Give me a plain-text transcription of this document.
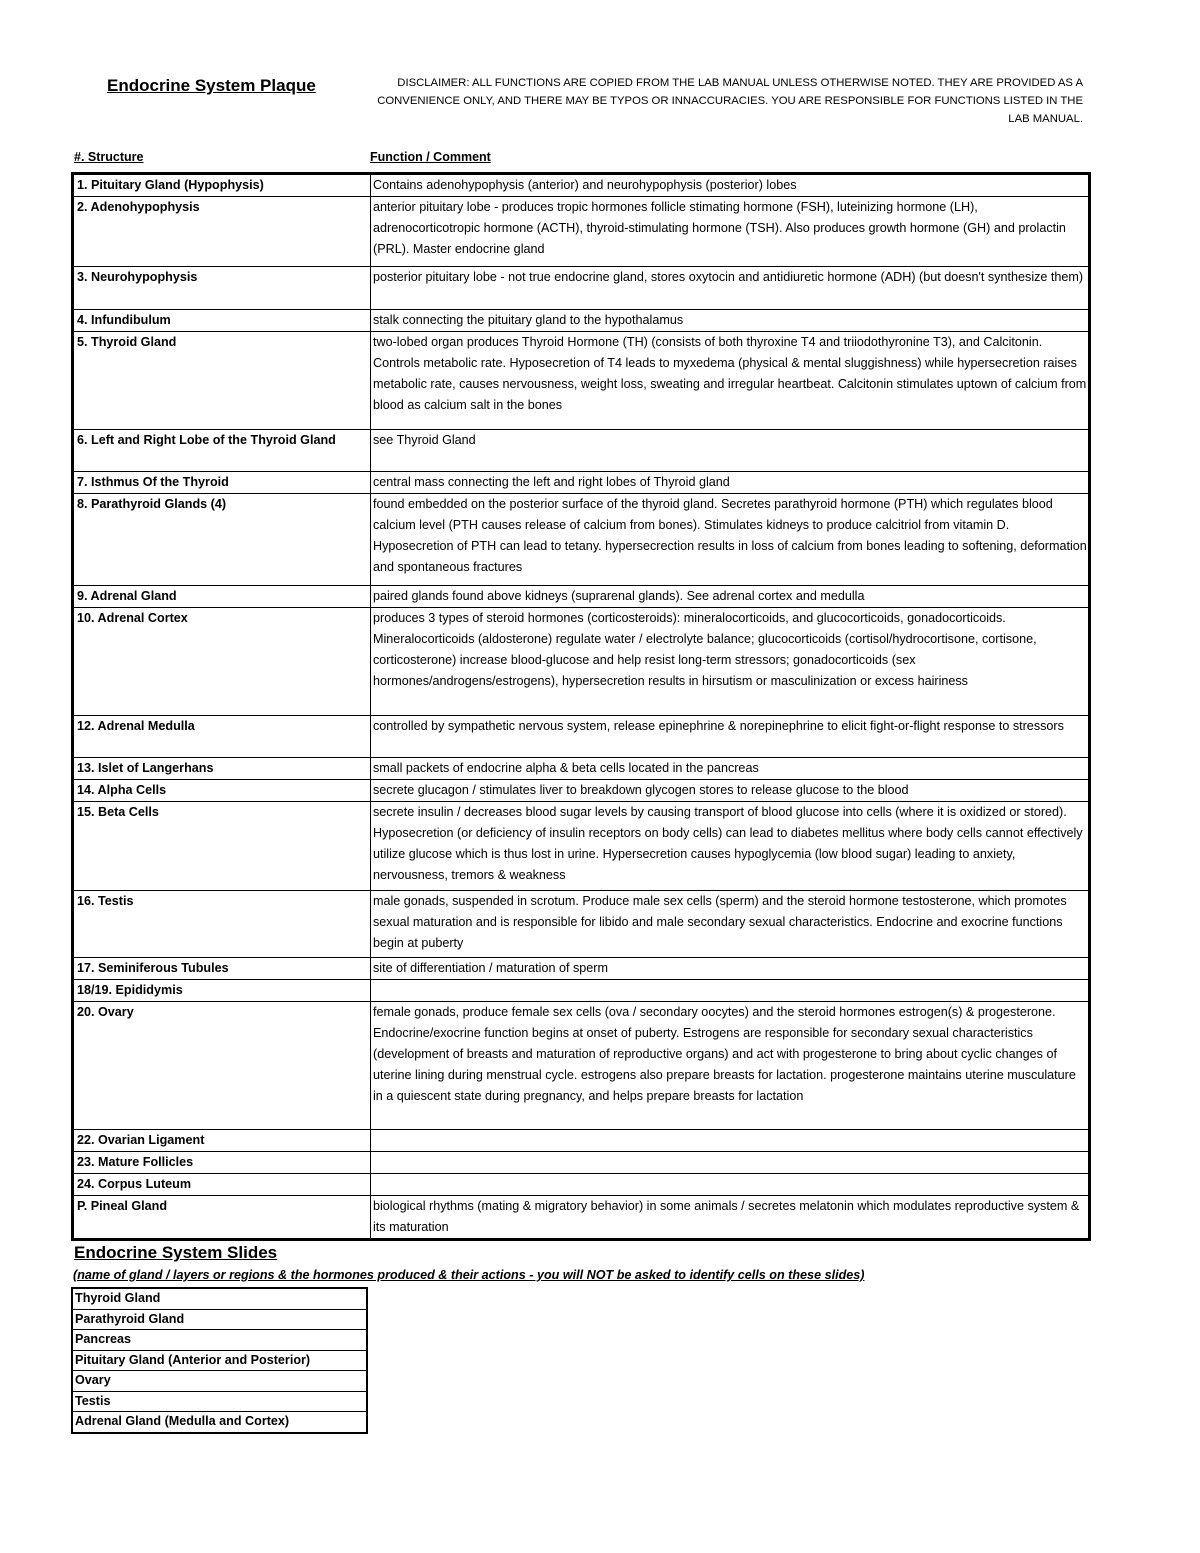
Endocrine System Plaque	DISCLAIMER: ALL FUNCTIONS ARE COPIED FROM THE LAB MANUAL UNLESS OTHERWISE NOTED. THEY ARE PROVIDED AS A CONVENIENCE ONLY, AND THERE MAY BE TYPOS OR INNACCURACIES. YOU ARE RESPONSIBLE FOR FUNCTIONS LISTED IN THE LAB MANUAL.
#. Structure	Function / Comment
1. Pituitary Gland (Hypophysis)	Contains adenohypophysis (anterior) and neurohypophysis (posterior) lobes
2. Adenohypophysis	anterior pituitary lobe - produces tropic hormones follicle stimating hormone (FSH), luteinizing hormone (LH), adrenocorticotropic hormone (ACTH), thyroid-stimulating hormone (TSH). Also produces growth hormone (GH) and prolactin (PRL). Master endocrine gland
3. Neurohypophysis	posterior pituitary lobe - not true endocrine gland, stores oxytocin and antidiuretic hormone (ADH) (but doesn't synthesize them)
4. Infundibulum	stalk connecting the pituitary gland to the hypothalamus
5. Thyroid Gland	two-lobed organ produces Thyroid Hormone (TH) (consists of both thyroxine T4 and triiodothyronine T3), and Calcitonin. Controls metabolic rate. Hyposecretion of T4 leads to myxedema (physical & mental sluggishness) while hypersecretion raises metabolic rate, causes nervousness, weight loss, sweating and irregular heartbeat. Calcitonin stimulates uptown of calcium from blood as calcium salt in the bones
6. Left and Right Lobe of the Thyroid Gland	see Thyroid Gland
7. Isthmus Of the Thyroid	central mass connecting the left and right lobes of Thyroid gland
8. Parathyroid Glands (4)	found embedded on the posterior surface of the thyroid gland. Secretes parathyroid hormone (PTH) which regulates blood calcium level (PTH causes release of calcium from bones). Stimulates kidneys to produce calcitriol from vitamin D. Hyposecretion of PTH can lead to tetany. hypersecrection results in loss of calcium from bones leading to softening, deformation and spontaneous fractures
9. Adrenal Gland	paired glands found above kidneys (suprarenal glands). See adrenal cortex and medulla
10. Adrenal Cortex	produces 3 types of steroid hormones (corticosteroids): mineralocorticoids, and glucocorticoids, gonadocorticoids. Mineralocorticoids (aldosterone) regulate water / electrolyte balance; glucocorticoids (cortisol/hydrocortisone, cortisone, corticosterone) increase blood-glucose and help resist long-term stressors; gonadocorticoids (sex hormones/androgens/estrogens), hypersecretion results in hirsutism or masculinization or excess hairiness
12. Adrenal Medulla	controlled by sympathetic nervous system, release epinephrine & norepinephrine to elicit fight-or-flight response to stressors
13. Islet of Langerhans	small packets of endocrine alpha & beta cells located in the pancreas
14. Alpha Cells	secrete glucagon / stimulates liver to breakdown glycogen stores to release glucose to the blood
15. Beta Cells	secrete insulin / decreases blood sugar levels by causing transport of blood glucose into cells (where it is oxidized or stored). Hyposecretion (or deficiency of insulin receptors on body cells) can lead to diabetes mellitus where body cells cannot effectively utilize glucose which is thus lost in urine. Hypersecretion causes hypoglycemia (low blood sugar) leading to anxiety, nervousness, tremors & weakness
16. Testis	male gonads, suspended in scrotum. Produce male sex cells (sperm) and the steroid hormone testosterone, which promotes sexual maturation and is responsible for libido and male secondary sexual characteristics. Endocrine and exocrine functions begin at puberty
17. Seminiferous Tubules	site of differentiation / maturation of sperm
18/19. Epididymis	
20. Ovary	female gonads, produce female sex cells (ova / secondary oocytes) and the steroid hormones estrogen(s) & progesterone. Endocrine/exocrine function begins at onset of puberty. Estrogens are responsible for secondary sexual characteristics (development of breasts and maturation of reproductive organs) and act with progesterone to bring about cyclic changes of uterine lining during menstrual cycle. estrogens also prepare breasts for lactation. progesterone maintains uterine musculature in a quiescent state during pregnancy, and helps prepare breasts for lactation
22. Ovarian Ligament	
23. Mature Follicles	
24. Corpus Luteum	
P. Pineal Gland	biological rhythms (mating & migratory behavior) in some animals / secretes melatonin which modulates reproductive system & its maturation
Endocrine System Slides
(name of gland / layers or regions & the hormones produced & their actions - you will NOT be asked to identify cells on these slides)
Thyroid Gland
Parathyroid Gland
Pancreas
Pituitary Gland (Anterior and Posterior)
Ovary
Testis
Adrenal Gland (Medulla and Cortex)
